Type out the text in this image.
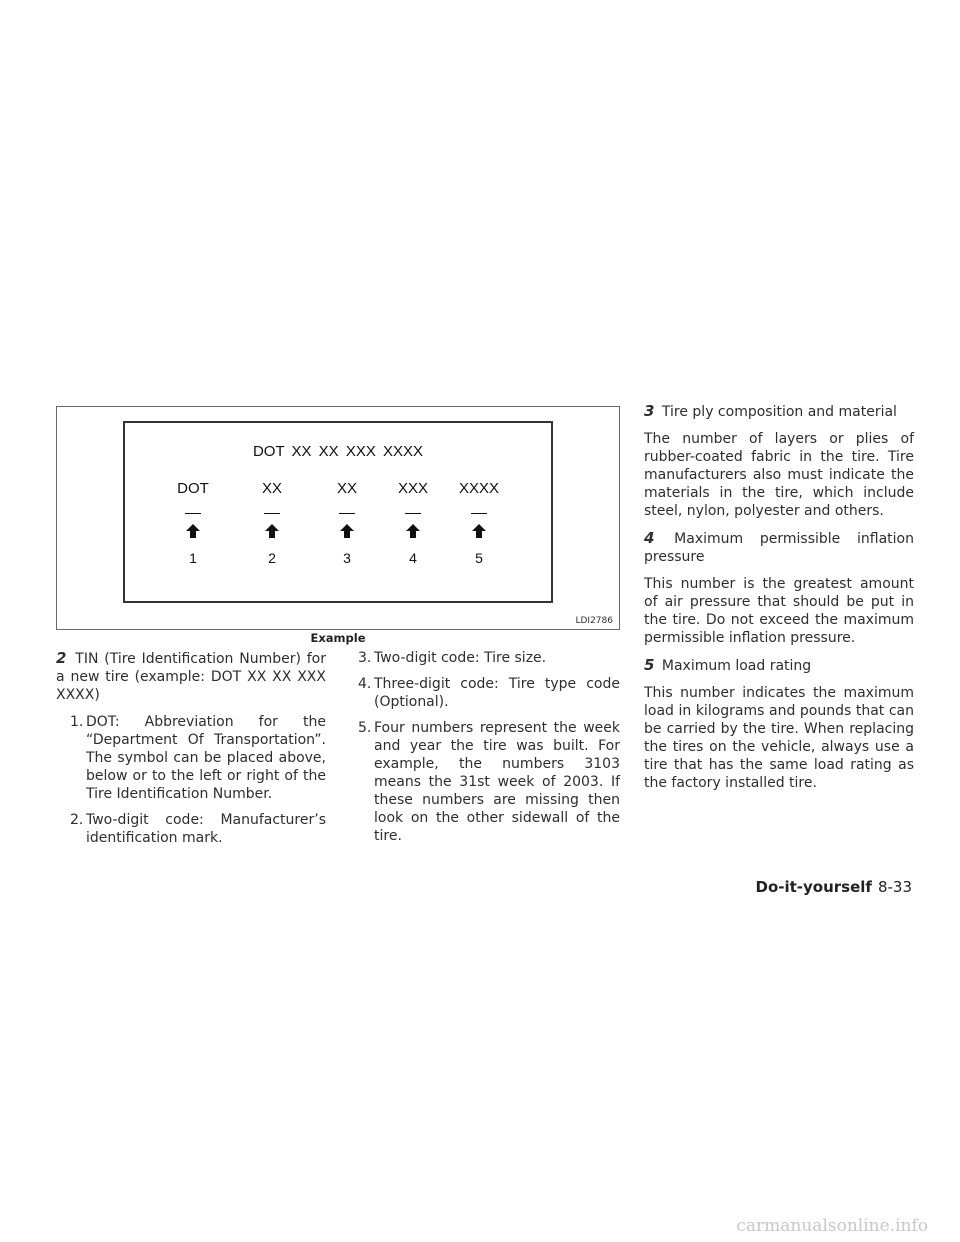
DOT XX XX XXX XXXX
DOT
1
XX
2
XX
3
XXX
4
XXXX
5
LDI2786
Example

2 TIN (Tire Identification Number) for a new tire (example: DOT XX XX XXX XXXX)

1. DOT: Abbreviation for the “Department Of Transportation”. The symbol can be placed above, below or to the left or right of the Tire Identification Number.
2. Two-digit code: Manufacturer’s identification mark.
3. Two-digit code: Tire size.
4. Three-digit code: Tire type code (Optional).
5. Four numbers represent the week and year the tire was built. For example, the numbers 3103 means the 31st week of 2003. If these numbers are missing then look on the other sidewall of the tire.

3 Tire ply composition and material

The number of layers or plies of rubber-coated fabric in the tire. Tire manufacturers also must indicate the materials in the tire, which include steel, nylon, polyester and others.

4 Maximum permissible inflation pressure

This number is the greatest amount of air pressure that should be put in the tire. Do not exceed the maximum permissible inflation pressure.

5 Maximum load rating

This number indicates the maximum load in kilograms and pounds that can be carried by the tire. When replacing the tires on the vehicle, always use a tire that has the same load rating as the factory installed tire.

Do-it-yourself 8-33
carmanualsonline.info
